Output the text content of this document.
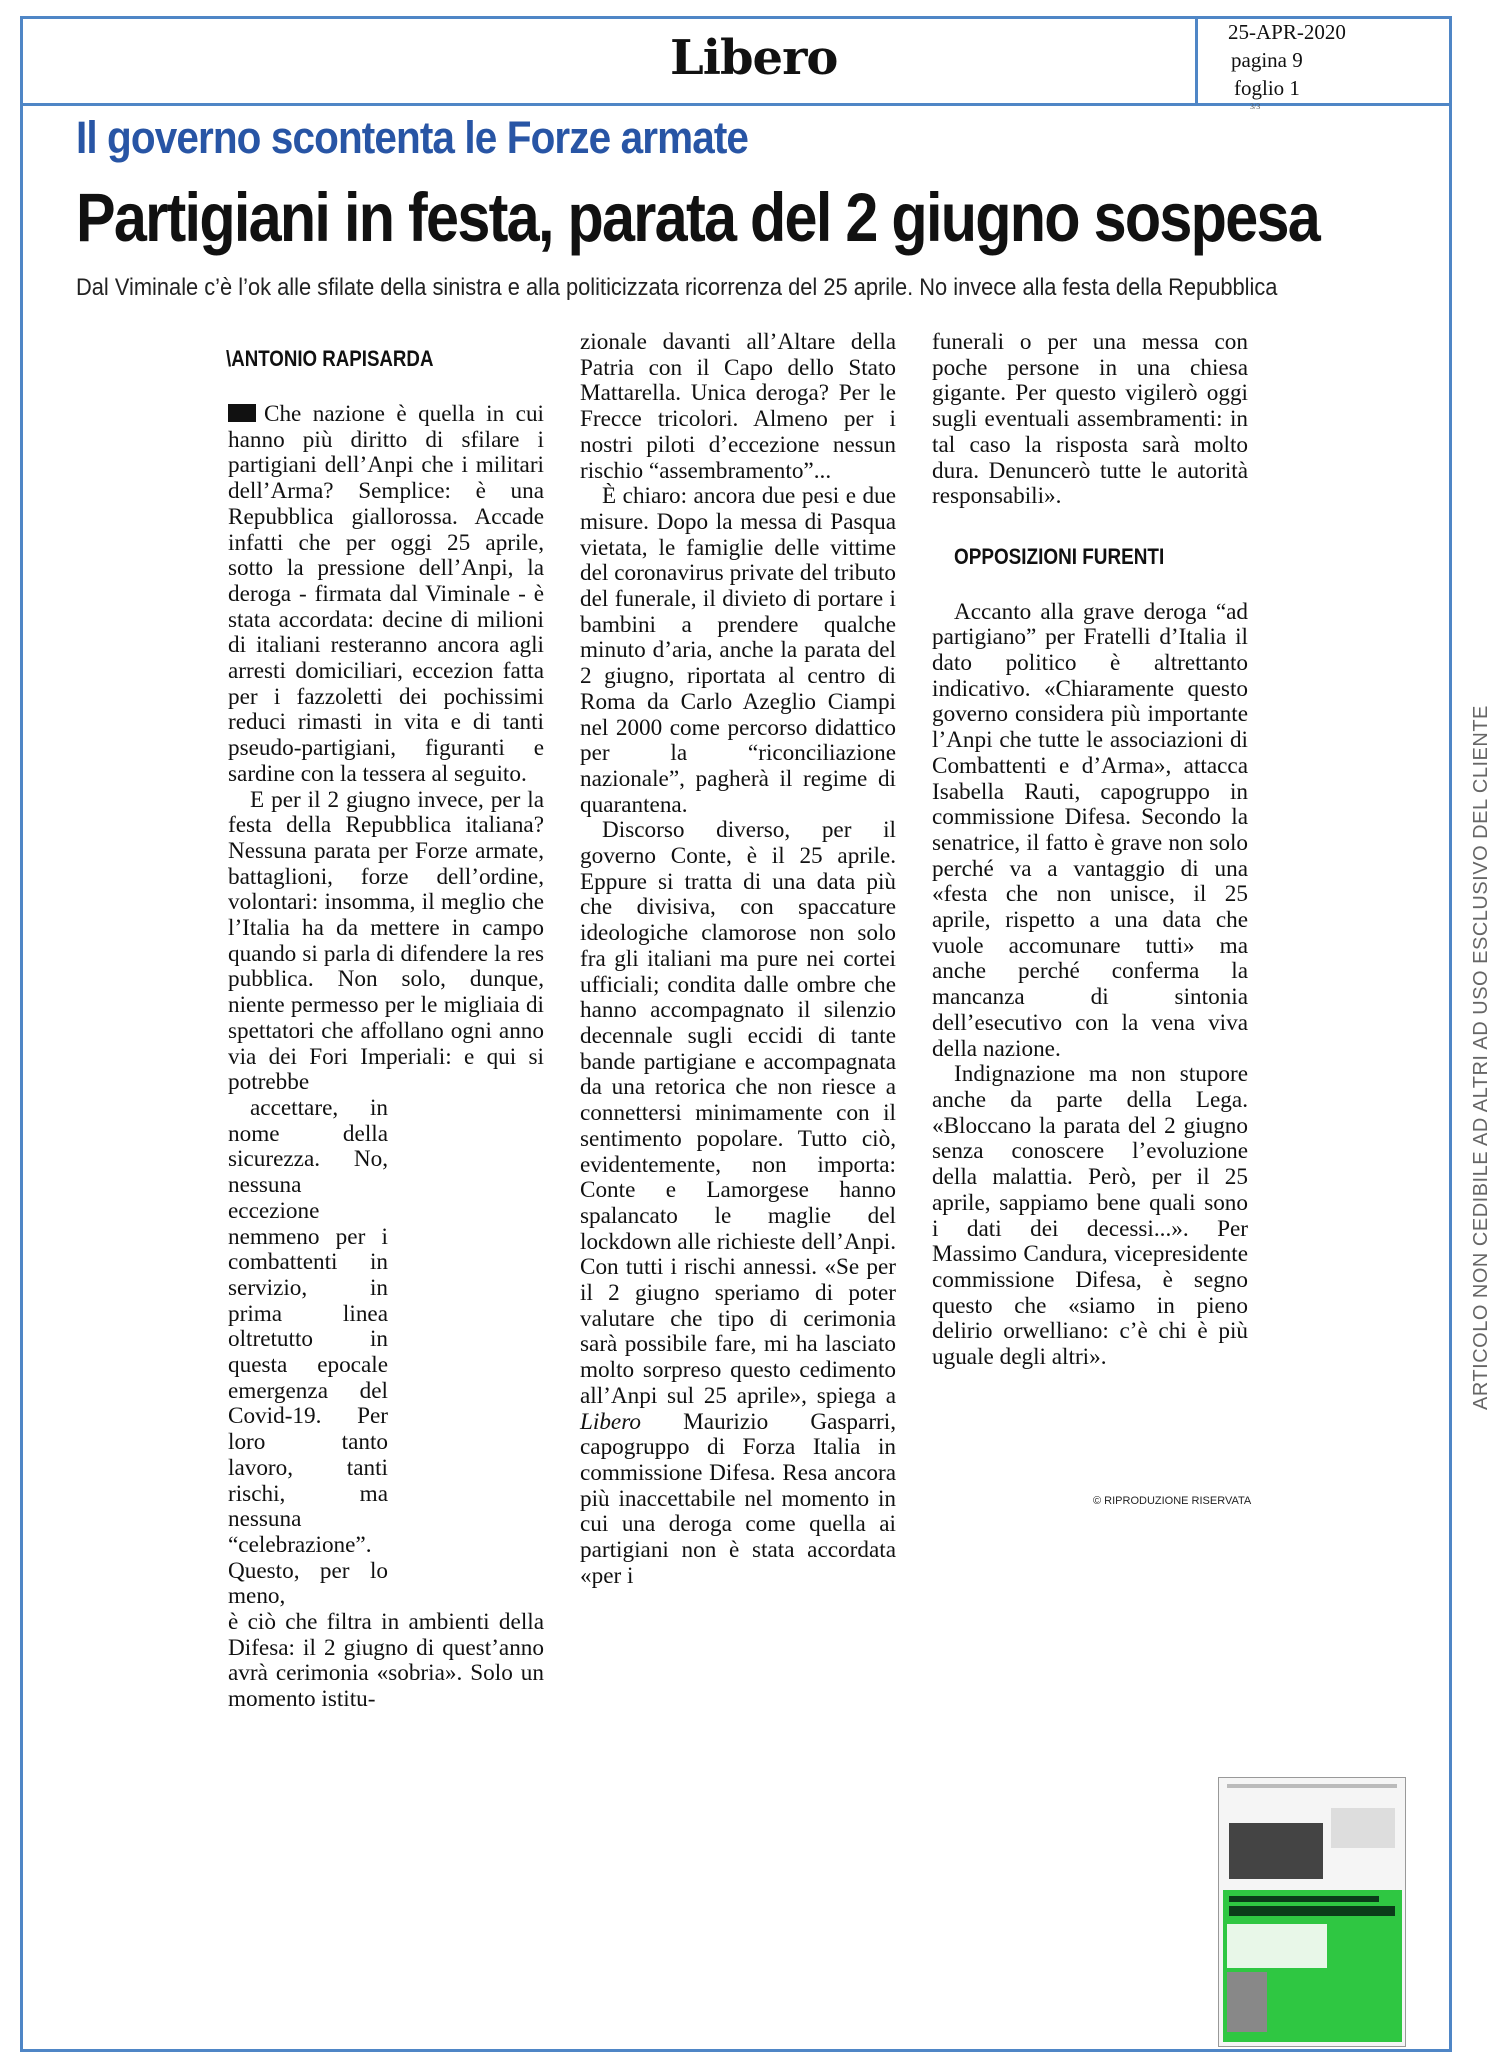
Libero	25-APR-2020
pagina 9
foglio 1
3/3
Il governo scontenta le Forze armate
Partigiani in festa, parata del 2 giugno sospesa
Dal Viminale c’è l’ok alle sfilate della sinistra e alla politicizzata ricorrenza del 25 aprile. No invece alla festa della Repubblica
\ANTONIO RAPISARDA

Che nazione è quella in cui hanno più diritto di sfilare i partigiani dell’Anpi che i militari dell’Arma? Semplice: è una Repubblica giallorossa. Accade infatti che per oggi 25 aprile, sotto la pressione dell’Anpi, la deroga - firmata dal Viminale - è stata accordata: decine di milioni di italiani resteranno ancora agli arresti domiciliari, eccezion fatta per i fazzoletti dei pochissimi reduci rimasti in vita e di tanti pseudo-partigiani, figuranti e sardine con la tessera al seguito.

E per il 2 giugno invece, per la festa della Repubblica italiana? Nessuna parata per Forze armate, battaglioni, forze dell’ordine, volontari: insomma, il meglio che l’Italia ha da mettere in campo quando si parla di difendere la res pubblica. Non solo, dunque, niente permesso per le migliaia di spettatori che affollano ogni anno via dei Fori Imperiali: e qui si potrebbe
accettare, in nome della sicurezza. No, nessuna eccezione nemmeno per i combattenti in servizio, in prima linea oltretutto in questa epocale emergenza del Covid-19. Per loro tanto lavoro, tanti rischi, ma nessuna “celebrazione”. Questo, per lo meno,
è ciò che filtra in ambienti della Difesa: il 2 giugno di quest’anno avrà cerimonia «sobria». Solo un momento istitu-

zionale davanti all’Altare della Patria con il Capo dello Stato Mattarella. Unica deroga? Per le Frecce tricolori. Almeno per i nostri piloti d’eccezione nessun rischio “assembramento”...

È chiaro: ancora due pesi e due misure. Dopo la messa di Pasqua vietata, le famiglie delle vittime del coronavirus private del tributo del funerale, il divieto di portare i bambini a prendere qualche minuto d’aria, anche la parata del 2 giugno, riportata al centro di Roma da Carlo Azeglio Ciampi nel 2000 come percorso didattico per la “riconciliazione nazionale”, pagherà il regime di quarantena.

Discorso diverso, per il governo Conte, è il 25 aprile. Eppure si tratta di una data più che divisiva, con spaccature ideologiche clamorose non solo fra gli italiani ma pure nei cortei ufficiali; condita dalle ombre che hanno accompagnato il silenzio decennale sugli eccidi di tante bande partigiane e accompagnata da una retorica che non riesce a connettersi minimamente con il sentimento popolare. Tutto ciò, evidentemente, non importa: Conte e Lamorgese hanno spalancato le maglie del lockdown alle richieste dell’Anpi. Con tutti i rischi annessi. «Se per il 2 giugno speriamo di poter valutare che tipo di cerimonia sarà possibile fare, mi ha lasciato molto sorpreso questo cedimento all’Anpi sul 25 aprile», spiega a Libero Maurizio Gasparri, capogruppo di Forza Italia in commissione Difesa. Resa ancora più inaccettabile nel momento in cui una deroga come quella ai partigiani non è stata accordata «per i

funerali o per una messa con poche persone in una chiesa gigante. Per questo vigilerò oggi sugli eventuali assembramenti: in tal caso la risposta sarà molto dura. Denuncerò tutte le autorità responsabili».

OPPOSIZIONI FURENTI

Accanto alla grave deroga “ad partigiano” per Fratelli d’Italia il dato politico è altrettanto indicativo. «Chiaramente questo governo considera più importante l’Anpi che tutte le associazioni di Combattenti e d’Arma», attacca Isabella Rauti, capogruppo in commissione Difesa. Secondo la senatrice, il fatto è grave non solo perché va a vantaggio di una «festa che non unisce, il 25 aprile, rispetto a una data che vuole accomunare tutti» ma anche perché conferma la mancanza di sintonia dell’esecutivo con la vena viva della nazione.

Indignazione ma non stupore anche da parte della Lega. «Bloccano la parata del 2 giugno senza conoscere l’evoluzione della malattia. Però, per il 25 aprile, sappiamo bene quali sono i dati dei decessi...». Per Massimo Candura, vicepresidente commissione Difesa, è segno questo che «siamo in pieno delirio orwelliano: c’è chi è più uguale degli altri».

© RIPRODUZIONE RISERVATA
ARTICOLO NON CEDIBILE AD ALTRI AD USO ESCLUSIVO DEL CLIENTE
